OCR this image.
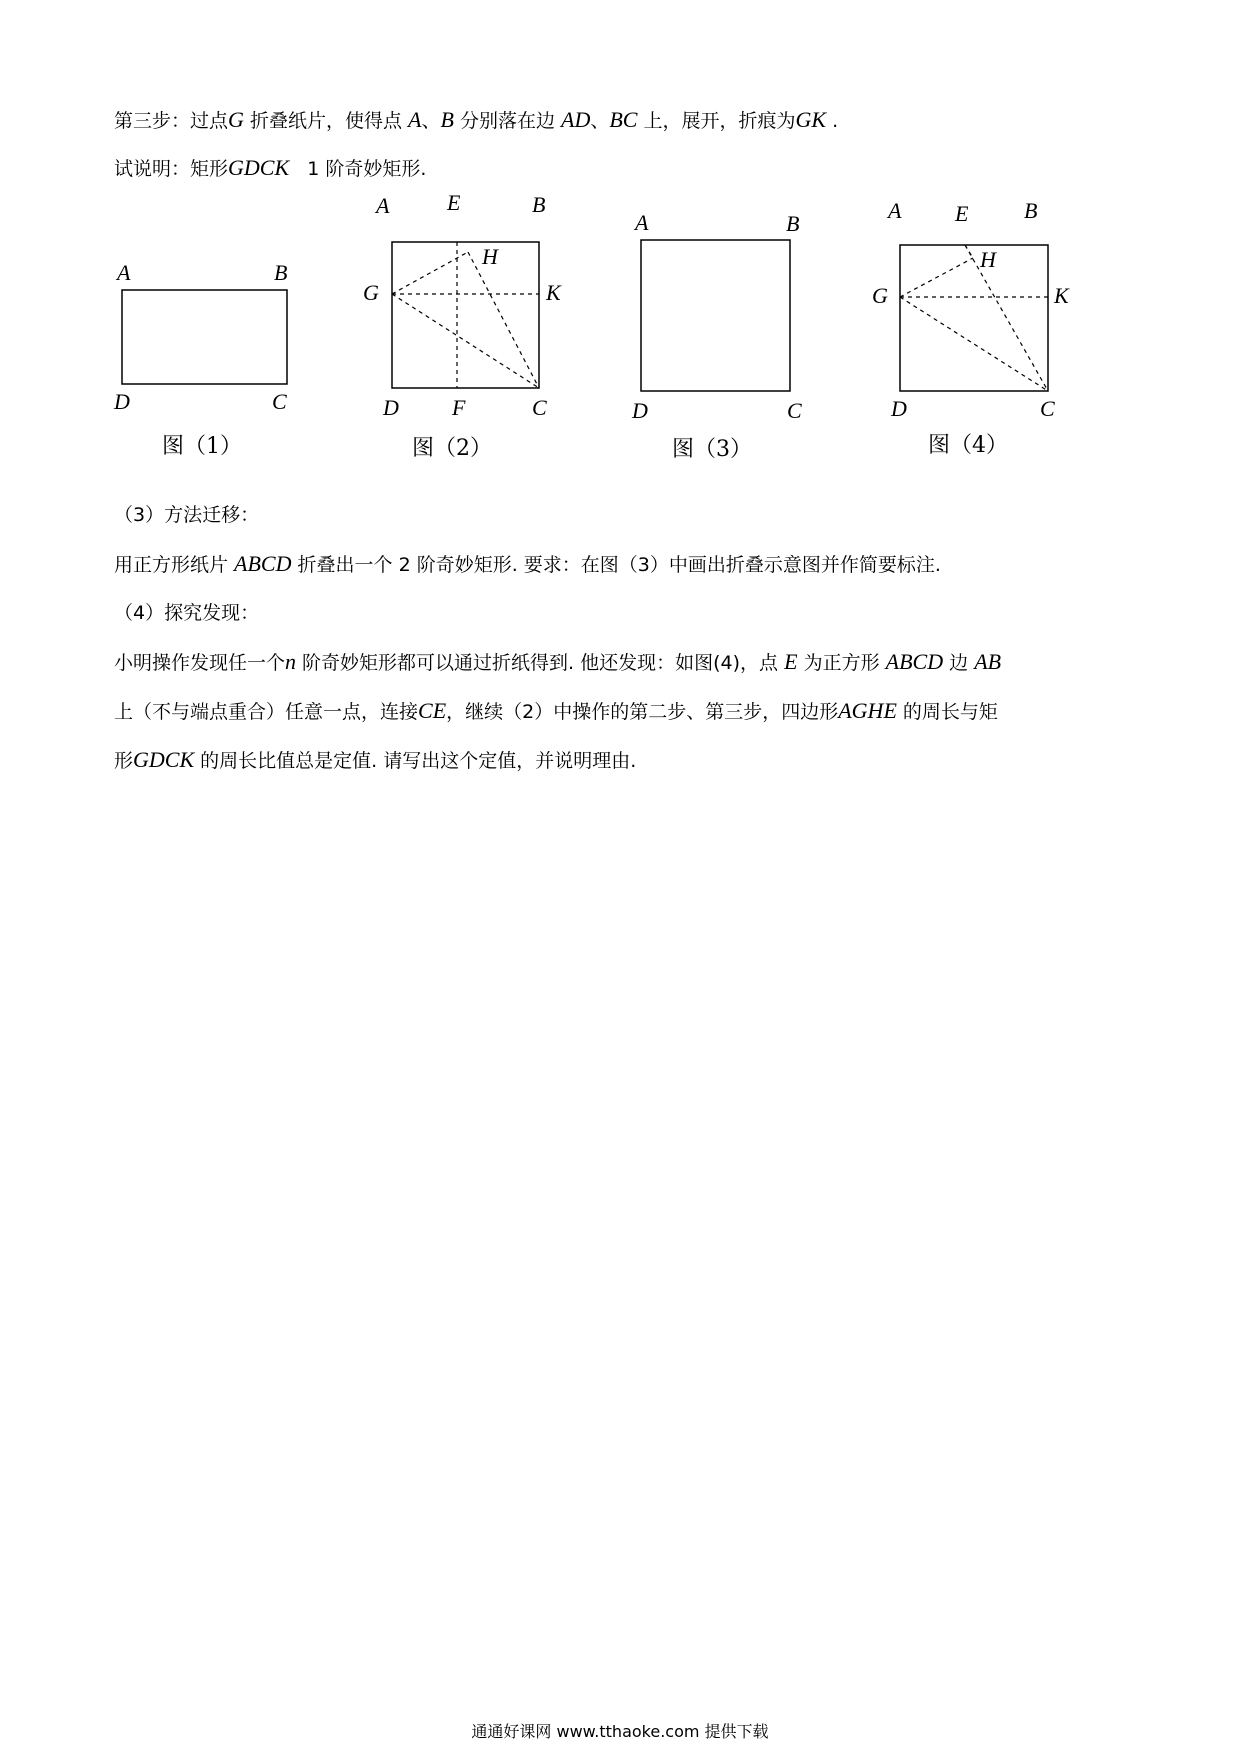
第三步：过点G 折叠纸片，使得点 A、B 分别落在边 AD、BC 上，展开，折痕为GK .
试说明：矩形GDCK   1 阶奇妙矩形.
A	B
D	C
图（1）
A	E	B
H
G	K
D F	C
图（2）
A	B
D	C
图（3）
A E	B
H
G	K
D	C
图（4）
（3）方法迁移：
用正方形纸片 ABCD 折叠出一个 2 阶奇妙矩形. 要求：在图（3）中画出折叠示意图并作简要标注.
（4）探究发现：
小明操作发现任一个n 阶奇妙矩形都可以通过折纸得到. 他还发现：如图(4)，点 E 为正方形 ABCD 边 AB
上（不与端点重合）任意一点，连接CE，继续（2）中操作的第二步、第三步，四边形AGHE 的周长与矩
形GDCK 的周长比值总是定值. 请写出这个定值，并说明理由.
通通好课网 www.tthaoke.com 提供下载
